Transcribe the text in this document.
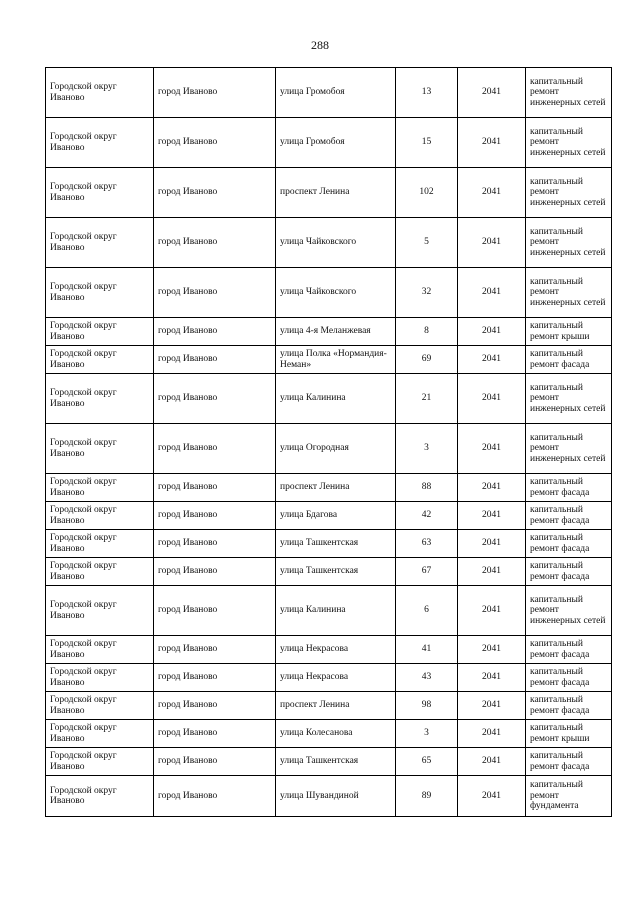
288
Городской округ Иваново	город Иваново	улица Громобоя	13	2041	капитальный ремонт инженерных сетей
Городской округ Иваново	город Иваново	улица Громобоя	15	2041	капитальный ремонт инженерных сетей
Городской округ Иваново	город Иваново	проспект Ленина	102	2041	капитальный ремонт инженерных сетей
Городской округ Иваново	город Иваново	улица Чайковского	5	2041	капитальный ремонт инженерных сетей
Городской округ Иваново	город Иваново	улица Чайковского	32	2041	капитальный ремонт инженерных сетей
Городской округ Иваново	город Иваново	улица 4-я Меланжевая	8	2041	капитальный ремонт крыши
Городской округ Иваново	город Иваново	улица Полка «Нормандия-Неман»	69	2041	капитальный ремонт фасада
Городской округ Иваново	город Иваново	улица Калинина	21	2041	капитальный ремонт инженерных сетей
Городской округ Иваново	город Иваново	улица Огородная	3	2041	капитальный ремонт инженерных сетей
Городской округ Иваново	город Иваново	проспект Ленина	88	2041	капитальный ремонт фасада
Городской округ Иваново	город Иваново	улица Бдагова	42	2041	капитальный ремонт фасада
Городской округ Иваново	город Иваново	улица Ташкентская	63	2041	капитальный ремонт фасада
Городской округ Иваново	город Иваново	улица Ташкентская	67	2041	капитальный ремонт фасада
Городской округ Иваново	город Иваново	улица Калинина	6	2041	капитальный ремонт инженерных сетей
Городской округ Иваново	город Иваново	улица Некрасова	41	2041	капитальный ремонт фасада
Городской округ Иваново	город Иваново	улица Некрасова	43	2041	капитальный ремонт фасада
Городской округ Иваново	город Иваново	проспект Ленина	98	2041	капитальный ремонт фасада
Городской округ Иваново	город Иваново	улица Колесанова	3	2041	капитальный ремонт крыши
Городской округ Иваново	город Иваново	улица Ташкентская	65	2041	капитальный ремонт фасада
Городской округ Иваново	город Иваново	улица Шувандиной	89	2041	капитальный ремонт фундамента
